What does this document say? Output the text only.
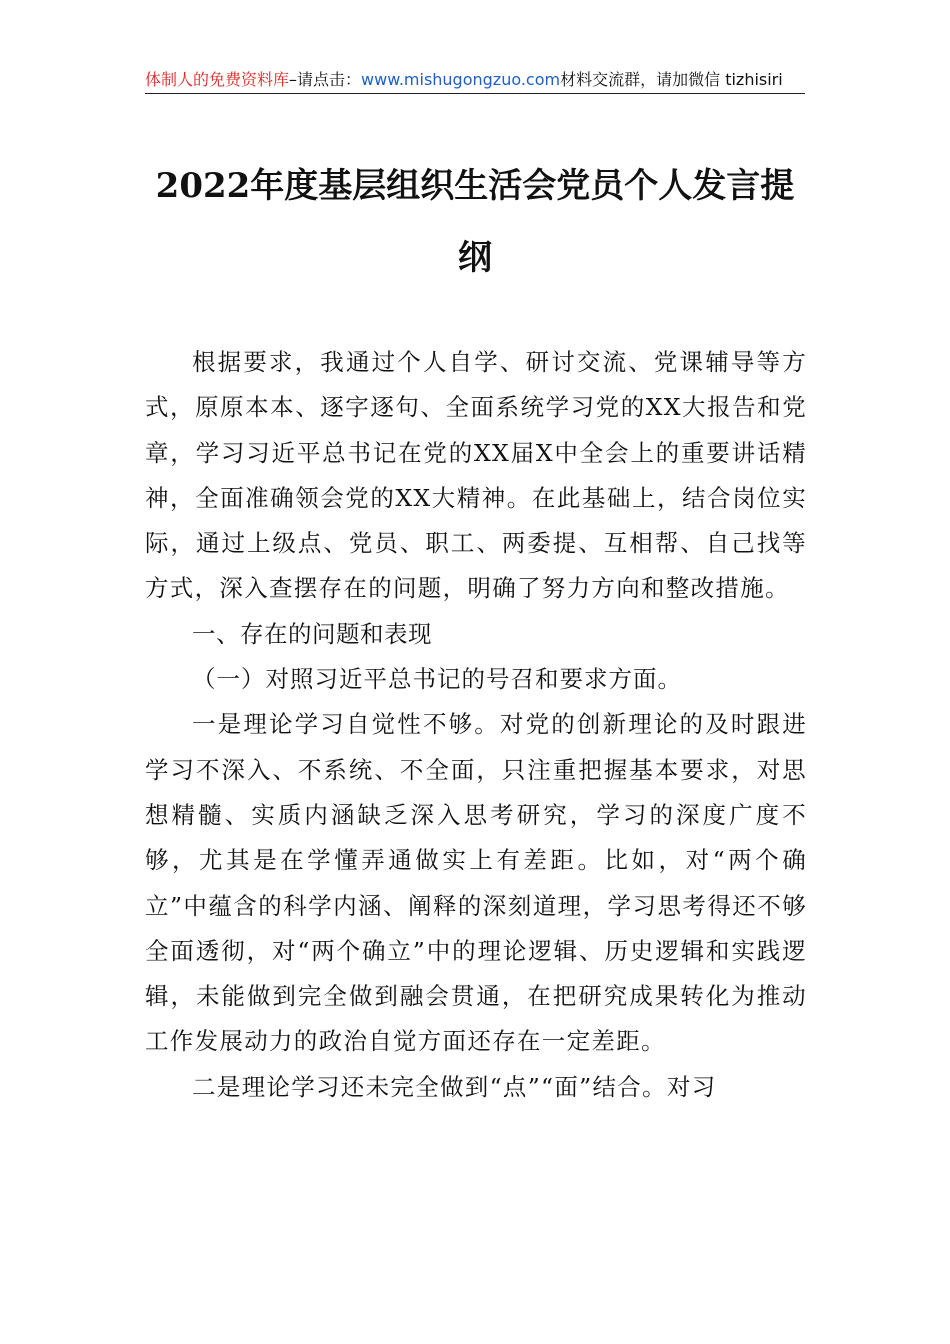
体制人的免费资料库–请点击：www.mishugongzuo.com材料交流群，请加微信 tizhisiri
2022年度基层组织生活会党员个人发言提纲

根据要求，我通过个人自学、研讨交流、党课辅导等方式，原原本本、逐字逐句、全面系统学习党的XX大报告和党章，学习习近平总书记在党的XX届X中全会上的重要讲话精神，全面准确领会党的XX大精神。在此基础上，结合岗位实际，通过上级点、党员、职工、两委提、互相帮、自己找等方式，深入查摆存在的问题，明确了努力方向和整改措施。

一、存在的问题和表现

（一）对照习近平总书记的号召和要求方面。

一是理论学习自觉性不够。对党的创新理论的及时跟进学习不深入、不系统、不全面，只注重把握基本要求，对思想精髓、实质内涵缺乏深入思考研究，学习的深度广度不够，尤其是在学懂弄通做实上有差距。比如，对“两个确立”中蕴含的科学内涵、阐释的深刻道理，学习思考得还不够全面透彻，对“两个确立”中的理论逻辑、历史逻辑和实践逻辑，未能做到完全做到融会贯通，在把研究成果转化为推动工作发展动力的政治自觉方面还存在一定差距。

二是理论学习还未完全做到“点”“面”结合。对习
